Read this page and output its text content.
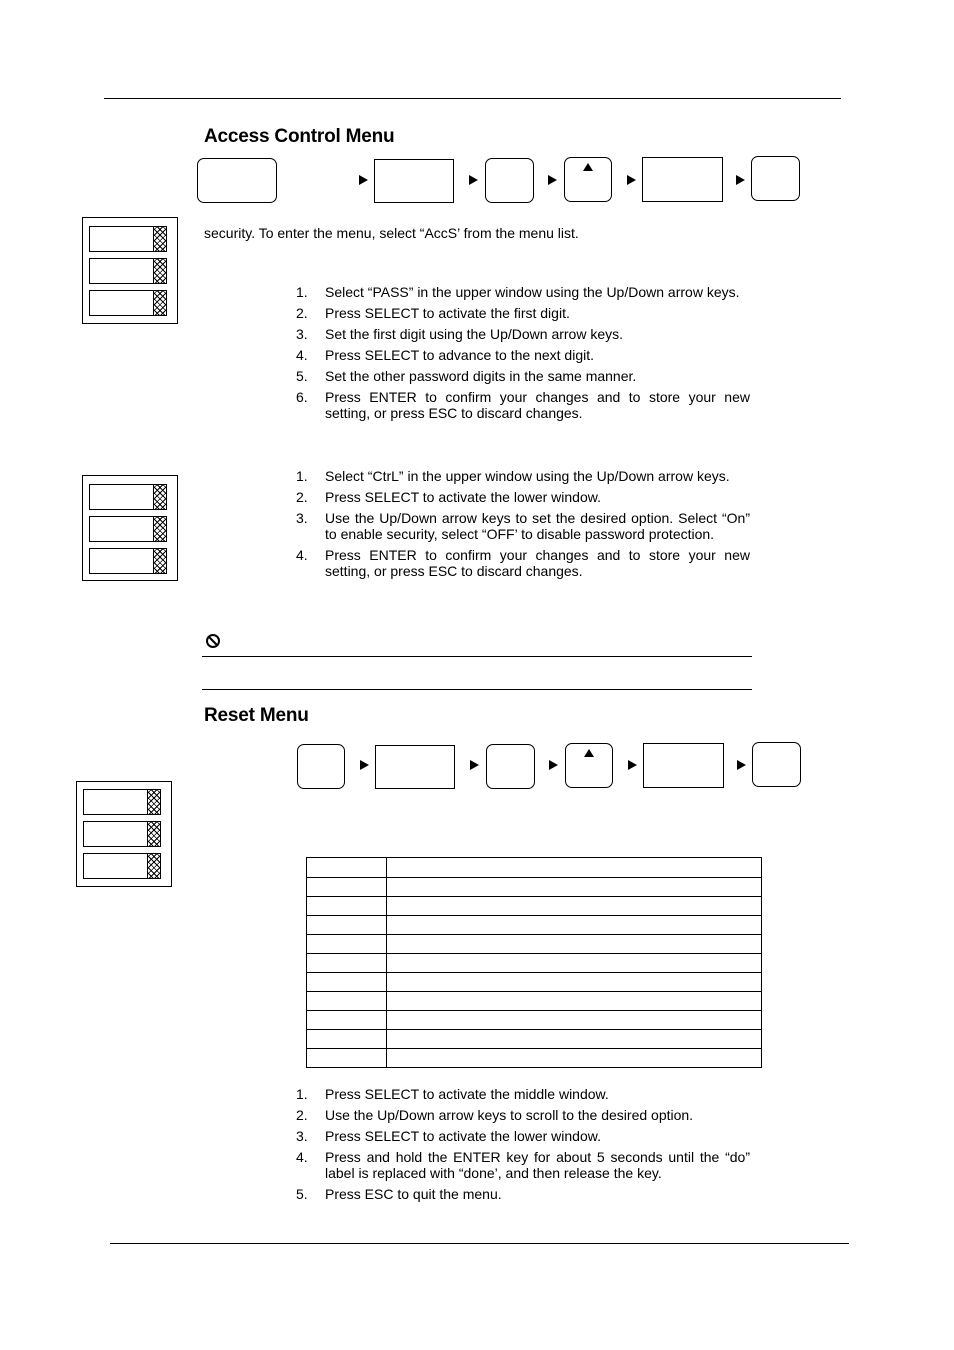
Access Control Menu
security. To enter the menu, select “AccS’ from the menu list.
1. Select “PASS” in the upper window using the Up/Down arrow keys.
2. Press SELECT to activate the first digit.
3. Set the first digit using the Up/Down arrow keys.
4. Press SELECT to advance to the next digit.
5. Set the other password digits in the same manner.
6. Press ENTER to confirm your changes and to store your new setting, or press ESC to discard changes.
1. Select “CtrL” in the upper window using the Up/Down arrow keys.
2. Press SELECT to activate the lower window.
3. Use the Up/Down arrow keys to set the desired option. Select “On” to enable security, select “OFF’ to disable password protection.
4. Press ENTER to confirm your changes and to store your new setting, or press ESC to discard changes.
Reset Menu

1. Press SELECT to activate the middle window.
2. Use the Up/Down arrow keys to scroll to the desired option.
3. Press SELECT to activate the lower window.
4. Press and hold the ENTER key for about 5 seconds until the “do” label is replaced with “done’, and then release the key.
5. Press ESC to quit the menu.
